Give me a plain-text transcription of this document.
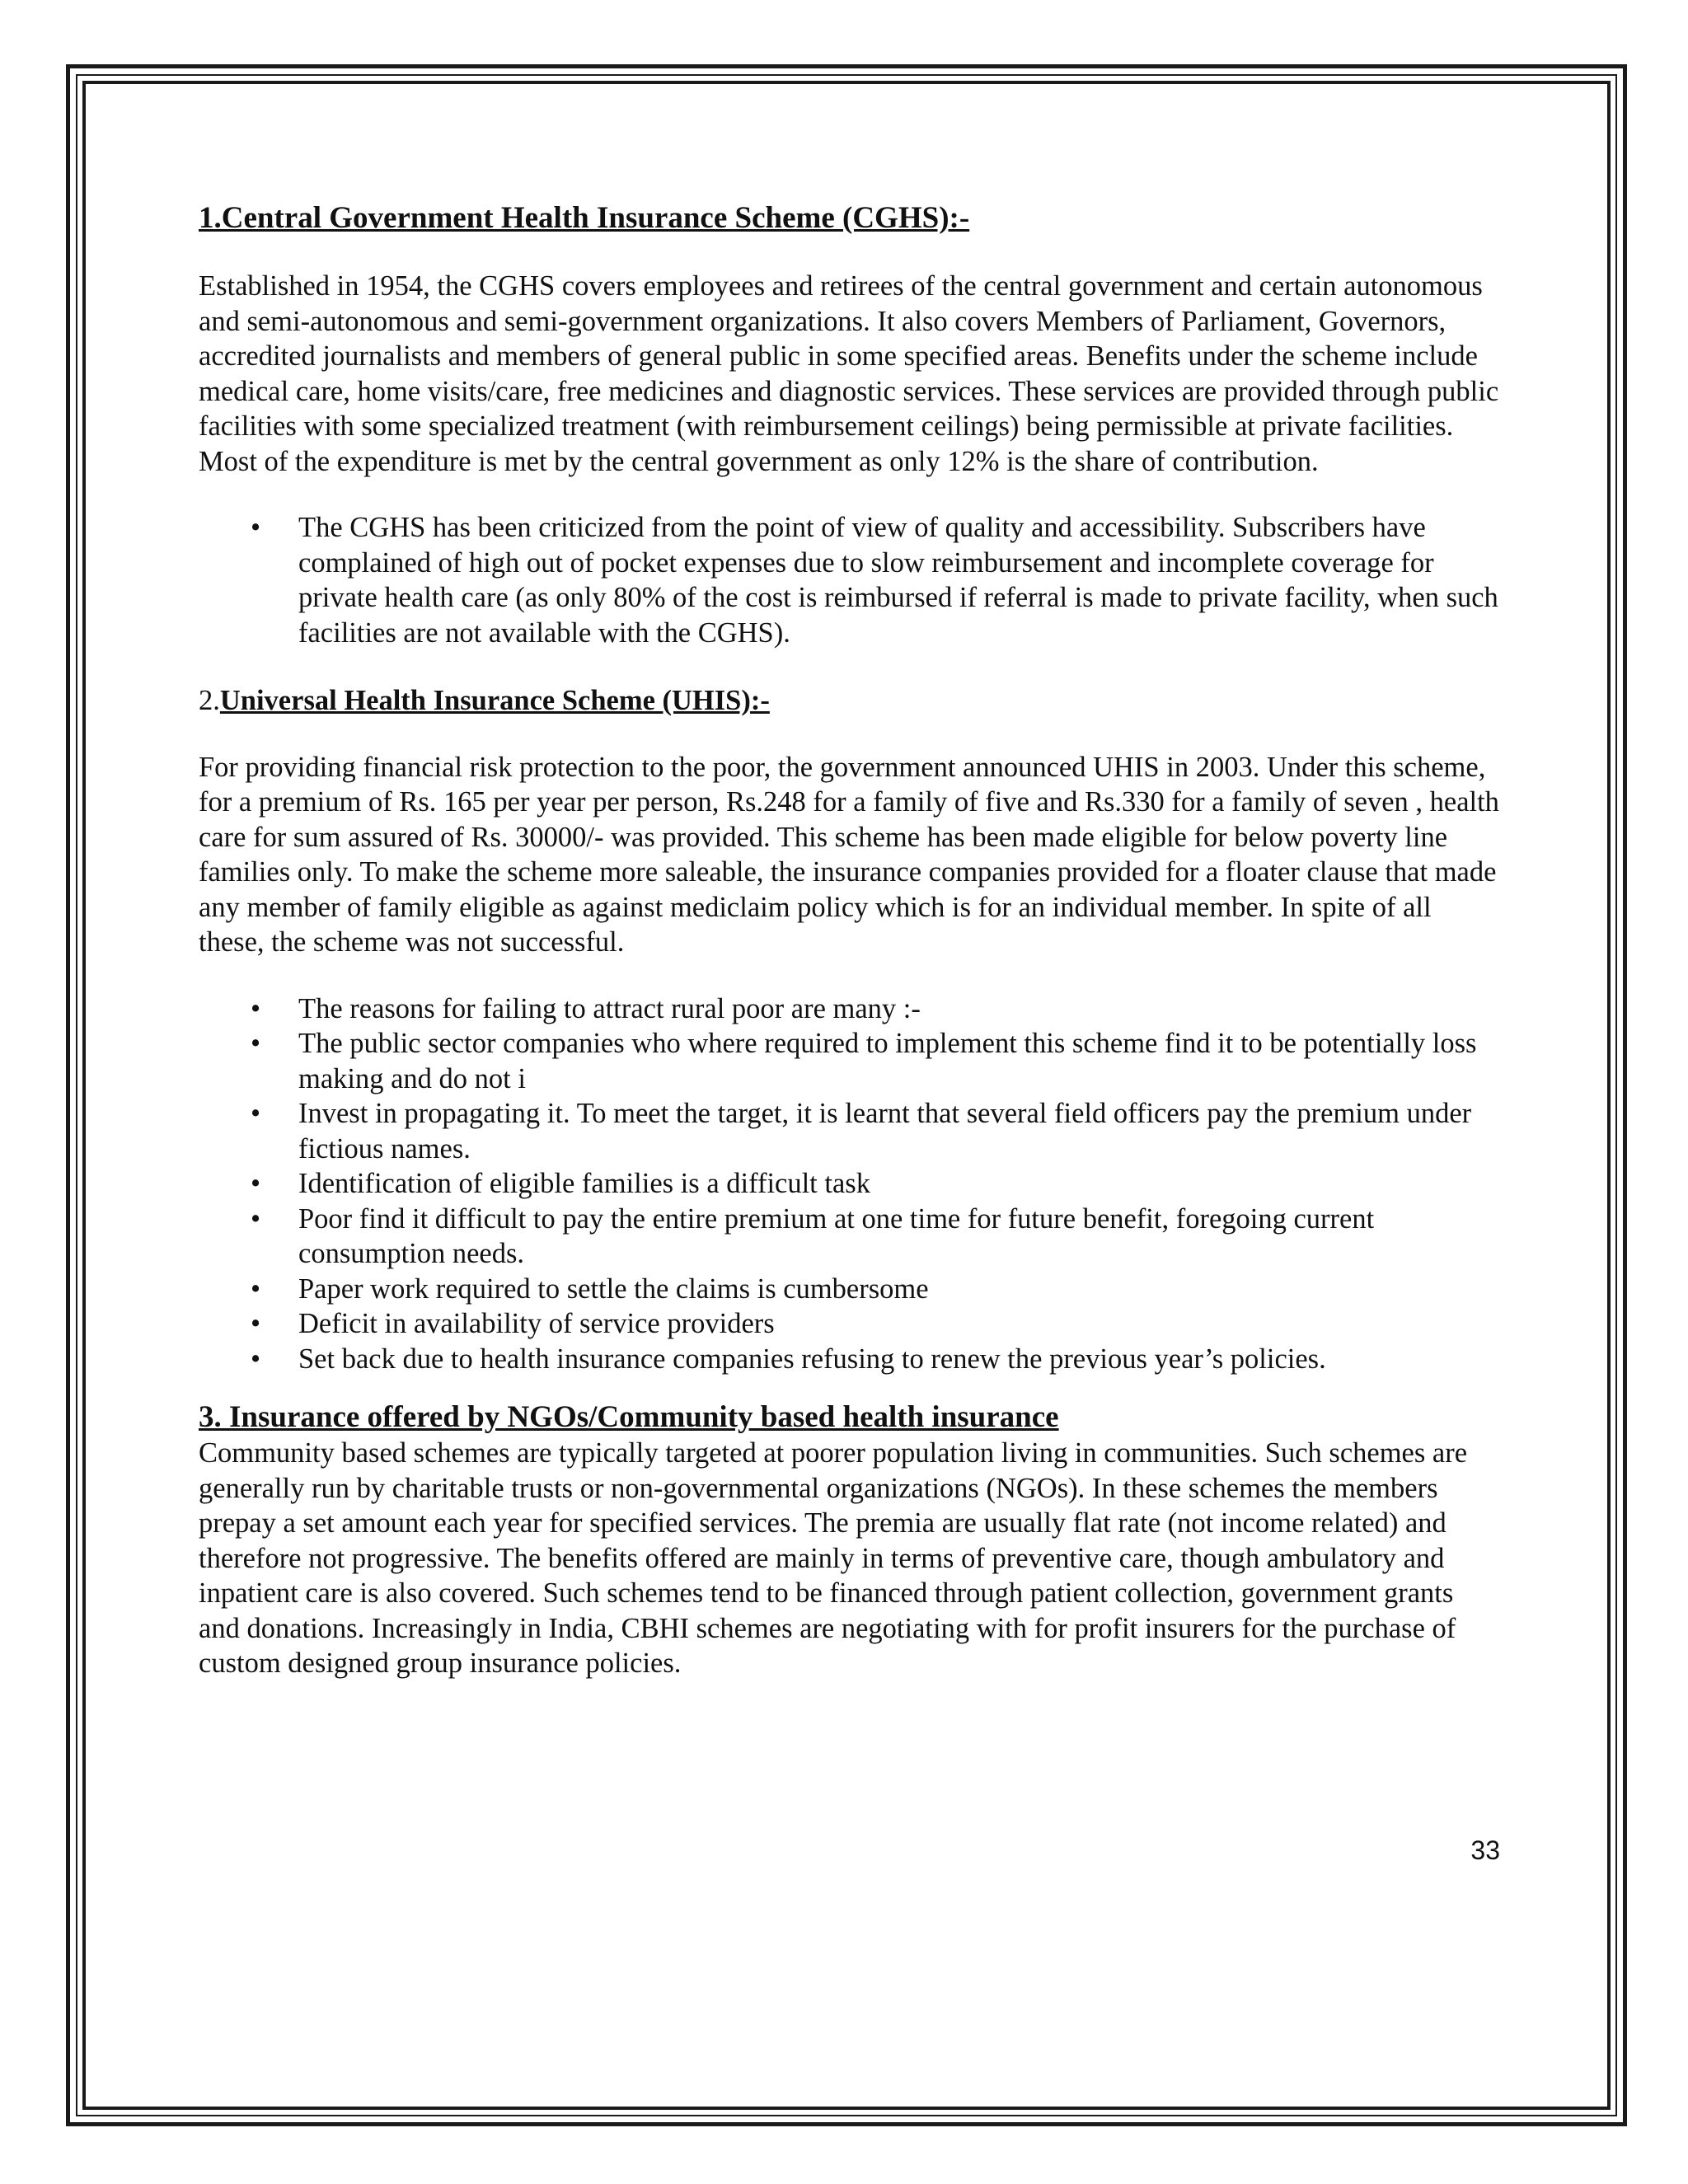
1.Central Government Health Insurance Scheme (CGHS):-

Established in 1954, the CGHS covers employees and retirees of the central government and certain autonomous and semi-autonomous and semi-government organizations. It also covers Members of Parliament, Governors, accredited journalists and members of general public in some specified areas. Benefits under the scheme include medical care, home visits/care, free medicines and diagnostic services. These services are provided through public facilities with some specialized treatment (with reimbursement ceilings) being permissible at private facilities. Most of the expenditure is met by the central government as only 12% is the share of contribution.

• The CGHS has been criticized from the point of view of quality and accessibility. Subscribers have complained of high out of pocket expenses due to slow reimbursement and incomplete coverage for private health care (as only 80% of the cost is reimbursed if referral is made to private facility, when such facilities are not available with the CGHS).

2.Universal Health Insurance Scheme (UHIS):-

For providing financial risk protection to the poor, the government announced UHIS in 2003. Under this scheme, for a premium of Rs. 165 per year per person, Rs.248 for a family of five and Rs.330 for a family of seven , health care for sum assured of Rs. 30000/- was provided. This scheme has been made eligible for below poverty line families only. To make the scheme more saleable, the insurance companies provided for a floater clause that made any member of family eligible as against mediclaim policy which is for an individual member. In spite of all these, the scheme was not successful.

• The reasons for failing to attract rural poor are many :-
• The public sector companies who where required to implement this scheme find it to be potentially loss making and do not i
• Invest in propagating it. To meet the target, it is learnt that several field officers pay the premium under fictious names.
• Identification of eligible families is a difficult task
• Poor find it difficult to pay the entire premium at one time for future benefit, foregoing current consumption needs.
• Paper work required to settle the claims is cumbersome
• Deficit in availability of service providers
• Set back due to health insurance companies refusing to renew the previous year’s policies.
3. Insurance offered by NGOs/Community based health insurance

Community based schemes are typically targeted at poorer population living in communities. Such schemes are generally run by charitable trusts or non-governmental organizations (NGOs). In these schemes the members prepay a set amount each year for specified services. The premia are usually flat rate (not income related) and therefore not progressive. The benefits offered are mainly in terms of preventive care, though ambulatory and inpatient care is also covered. Such schemes tend to be financed through patient collection, government grants and donations. Increasingly in India, CBHI schemes are negotiating with for profit insurers for the purchase of custom designed group insurance policies.

33
